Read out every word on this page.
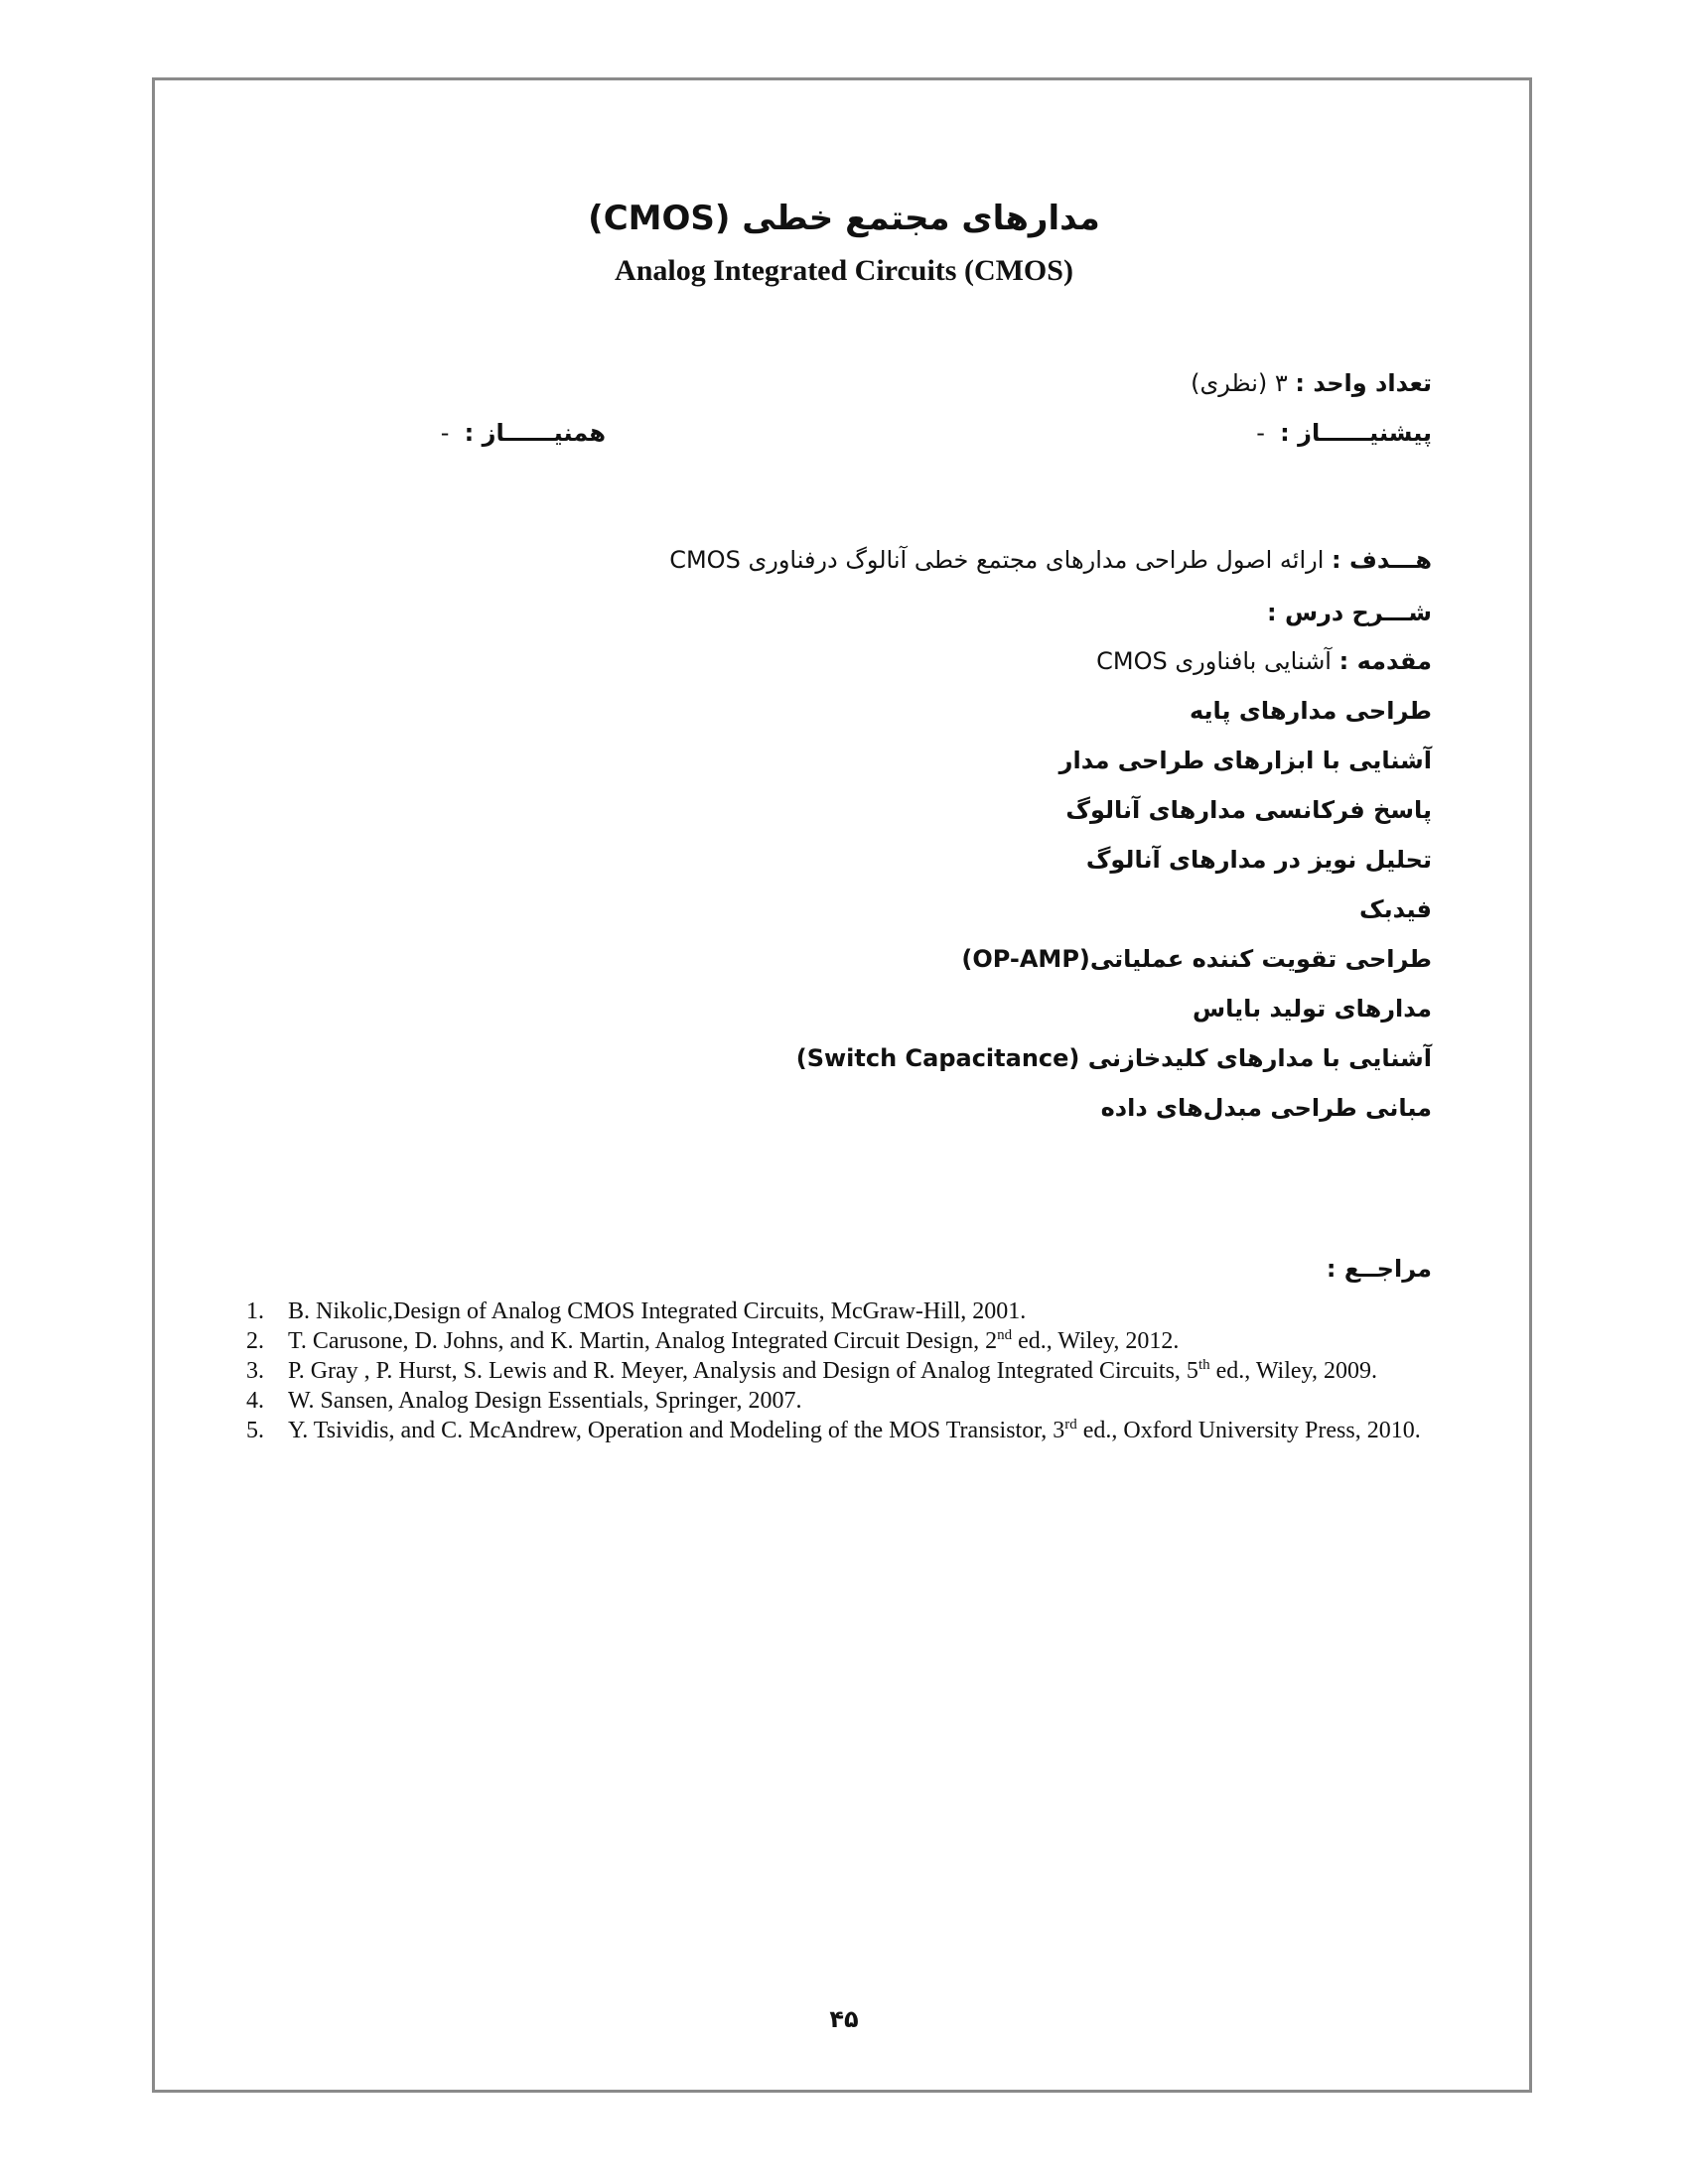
مدارهای مجتمع خطی (CMOS)
Analog Integrated Circuits (CMOS)
تعداد واحد : ۳ (نظری)
پیشنیــــــاز :  -
همنیــــــاز :  -
هـــدف : ارائه اصول طراحی مدارهای مجتمع خطی آنالوگ درفناوری CMOS
شـــرح درس :
مقدمه : آشنایی بافناوری CMOS
طراحی مدارهای پایه
آشنایی با ابزارهای طراحی مدار
پاسخ فرکانسی مدارهای آنالوگ
تحلیل نویز در مدارهای آنالوگ
فیدبک
طراحی تقویت کننده عملیاتی(OP-AMP)
مدارهای تولید بایاس
آشنایی با مدارهای کلیدخازنی (Switch Capacitance)
مبانی طراحی مبدل‌های داده
مراجــع :
1. B. Nikolic,Design of Analog CMOS Integrated Circuits, McGraw-Hill, 2001.
2. T. Carusone, D. Johns, and K. Martin, Analog Integrated Circuit Design, 2nd ed., Wiley, 2012.
3. P. Gray , P. Hurst, S. Lewis and R. Meyer, Analysis and Design of Analog Integrated Circuits, 5th ed., Wiley, 2009.
4. W. Sansen, Analog Design Essentials, Springer, 2007.
5. Y. Tsividis, and C. McAndrew, Operation and Modeling of the MOS Transistor, 3rd ed., Oxford University Press, 2010.
۴۵
